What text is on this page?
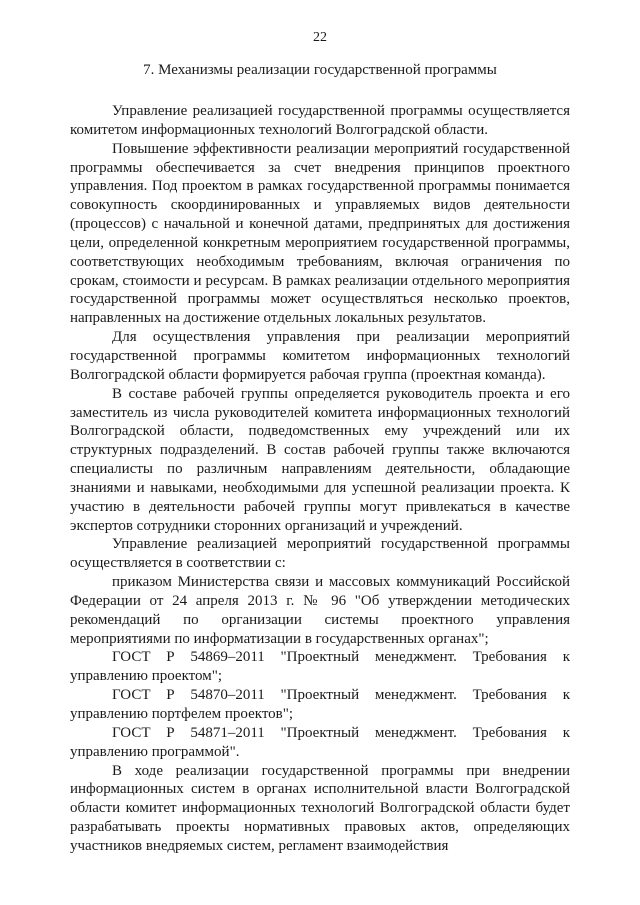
22
7. Механизмы реализации государственной программы

Управление реализацией государственной программы осуществляется комитетом информационных технологий Волгоградской области.

Повышение эффективности реализации мероприятий государственной программы обеспечивается за счет внедрения принципов проектного управления. Под проектом в рамках государственной программы понимается совокупность скоординированных и управляемых видов деятельности (процессов) с начальной и конечной датами, предпринятых для достижения цели, определенной конкретным мероприятием государственной программы, соответствующих необходимым требованиям, включая ограничения по срокам, стоимости и ресурсам. В рамках реализации отдельного мероприятия государственной программы может осуществляться несколько проектов, направленных на достижение отдельных локальных результатов.

Для осуществления управления при реализации мероприятий государственной программы комитетом информационных технологий Волгоградской области формируется рабочая группа (проектная команда).

В составе рабочей группы определяется руководитель проекта и его заместитель из числа руководителей комитета информационных технологий Волгоградской области, подведомственных ему учреждений или их структурных подразделений. В состав рабочей группы также включаются специалисты по различным направлениям деятельности, обладающие знаниями и навыками, необходимыми для успешной реализации проекта. К участию в деятельности рабочей группы могут привлекаться в качестве экспертов сотрудники сторонних организаций и учреждений.

Управление реализацией мероприятий государственной программы осуществляется в соответствии с:

приказом Министерства связи и массовых коммуникаций Российской Федерации от 24 апреля 2013 г. № 96 "Об утверждении методических рекомендаций по организации системы проектного управления мероприятиями по информатизации в государственных органах";

ГОСТ Р 54869–2011 "Проектный менеджмент. Требования к управлению проектом";

ГОСТ Р 54870–2011 "Проектный менеджмент. Требования к управлению портфелем проектов";

ГОСТ Р 54871–2011 "Проектный менеджмент. Требования к управлению программой".

В ходе реализации государственной программы при внедрении информационных систем в органах исполнительной власти Волгоградской области комитет информационных технологий Волгоградской области будет разрабатывать проекты нормативных правовых актов, определяющих участников внедряемых систем, регламент взаимодействия
